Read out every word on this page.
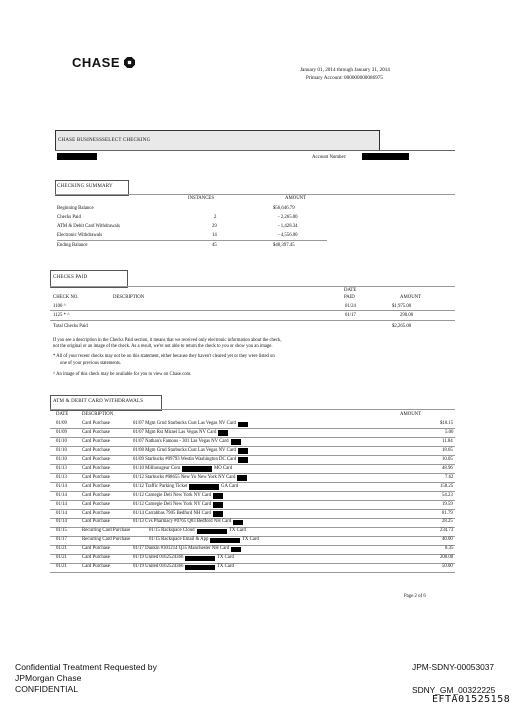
CHASE	January 01, 2014 through January 31, 2014
Primary Account: 000000000086975
CHASE BUSINESSSELECT CHECKING
Account Number:
CHECKING SUMMARY
INSTANCES	AMOUNT
Beginning Balance	$56,646.79
Checks Paid	2	- 2,265.00
ATM & Debit Card Withdrawals	29	- 1,428.34
Electronic Withdrawals	14	- 4,556.00
Ending Balance	45	$48,397.45
CHECKS PAID
DATE
CHECK NO.	DESCRIPTION	PAID	AMOUNT
1100 ^	01/24	$1,975.00
1125 * ^	01/17	290.00
Total Checks Paid	$2,265.00
If you see a description in the Checks Paid section, it means that we received only electronic information about the check,
not the original or an image of the check. As a result, we're not able to return the check to you or show you an image.
* All of your recent checks may not be on this statement, either because they haven't cleared yet or they were listed on
one of your previous statements.
^ An image of this check may be available for you to view on Chase.com.
ATM & DEBIT CARD WITHDRAWALS
DATE	DESCRIPTION	AMOUNT
01/09	Card Purchase	01/07 Mgm Grnd Starbucks Cust Las Vegas NV Card	$10.15
01/09	Card Purchase	01/07 Mgm Rst Mirael Las Vegas NV Card	5.00
01/10	Card Purchase	01/07 Nathan's Famous - 301 Las Vegas NV Card	11.84
01/10	Card Purchase	01/08 Mgm Grnd Starbucks Cust Las Vegas NV Card	18.65
01/10	Card Purchase	01/09 Starbucks #09793 Westin Washington DC Card	10.05
01/13	Card Purchase	01/10 Millionsgear Com	MO Card	48.96
01/13	Card Purchase	01/12 Starbucks #08655 New Yo New York NY Card	7.62
01/14	Card Purchase	01/12 Traffic Parking Ticket	GA Card	158.25
01/14	Card Purchase	01/12 Carnegie Deli New York NY Card	54.23
01/14	Card Purchase	01/12 Carnegie Deli New York NY Card	19.59
01/14	Card Purchase	01/14 Carrabbas 7905 Bedford NH Card	81.79
01/14	Card Purchase	01/13 Cvs Pharmacy #0765 Q03 Bedford NH Card	28.25
01/15	Recurring Card Purchase	01/15 Rackspace Cloud	TX Card	234.73
01/17	Recurring Card Purchase	01/15 Rackspace Email & App	TX Card	40.00
01/21	Card Purchase	01/17 Dunkin #301214 Q35 Manchester NH Card	8.35
01/21	Card Purchase	01/19 United 0162524366	TX Card	200.00
01/21	Card Purchase	01/19 United 0162524366	TX Card	50.00
Page 2 of 6
Confidential Treatment Requested by
JPMorgan Chase
CONFIDENTIAL
JPM-SDNY-00053037
SDNY_GM_00322225
EFTA01525158
